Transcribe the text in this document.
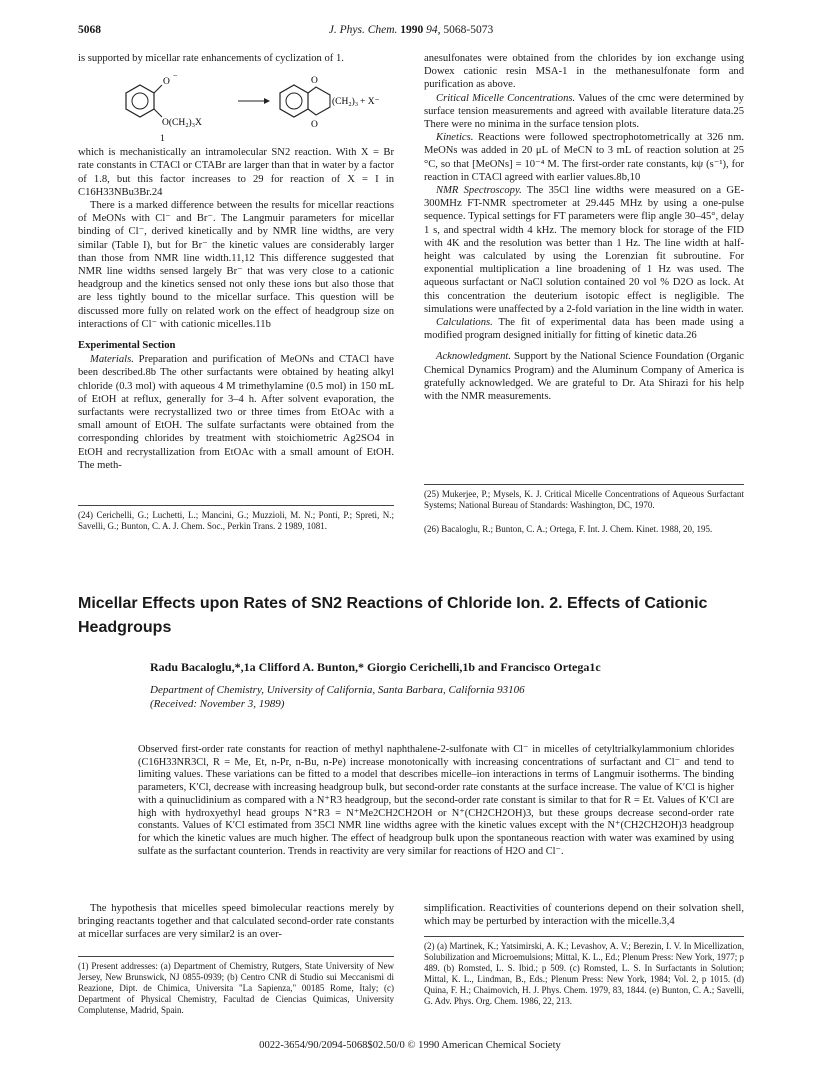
5068	J. Phys. Chem. 1990 94, 5068-5073

is supported by micellar rate enhancements of cyclization of 1.

O
−
O(CH₂)₃X
1
O
(CH₂)₃
O
+ X⁻

which is mechanistically an intramolecular SN2 reaction. With X = Br rate constants in CTACl or CTABr are larger than that in water by a factor of 1.8, but this factor increases to 29 for reaction of X = I in C16H33NBu3Br.24

There is a marked difference between the results for micellar reactions of MeONs with Cl⁻ and Br⁻. The Langmuir parameters for micellar binding of Cl⁻, derived kinetically and by NMR line widths, are very similar (Table I), but for Br⁻ the kinetic values are considerably larger than those from NMR line width.11,12 This difference suggested that NMR line widths sensed largely Br⁻ that was very close to a cationic headgroup and the kinetics sensed not only these ions but also those that are less tightly bound to the micellar surface. This question will be discussed more fully on related work on the effect of headgroup size on interactions of Cl⁻ with cationic micelles.11b

Experimental Section

Materials. Preparation and purification of MeONs and CTACl have been described.8b The other surfactants were obtained by heating alkyl chloride (0.3 mol) with aqueous 4 M trimethylamine (0.5 mol) in 150 mL of EtOH at reflux, generally for 3–4 h. After solvent evaporation, the surfactants were recrystallized two or three times from EtOAc with a small amount of EtOH. The sulfate surfactants were obtained from the corresponding chlorides by treatment with stoichiometric Ag2SO4 in EtOH and recrystallization from EtOAc with a small amount of EtOH. The meth-

anesulfonates were obtained from the chlorides by ion exchange using Dowex cationic resin MSA-1 in the methanesulfonate form and purification as above.

Critical Micelle Concentrations. Values of the cmc were determined by surface tension measurements and agreed with available literature data.25 There were no minima in the surface tension plots.

Kinetics. Reactions were followed spectrophotometrically at 326 nm. MeONs was added in 20 μL of MeCN to 3 mL of reaction solution at 25 °C, so that [MeONs] = 10⁻⁴ M. The first-order rate constants, kψ (s⁻¹), for reaction in CTACl agreed with earlier values.8b,10

NMR Spectroscopy. The 35Cl line widths were measured on a GE-300MHz FT-NMR spectrometer at 29.445 MHz by using a one-pulse sequence. Typical settings for FT parameters were flip angle 30–45°, delay 1 s, and spectral width 4 kHz. The memory block for storage of the FID with 4K and the resolution was better than 1 Hz. The line width at half-height was calculated by using the Lorenzian fit subroutine. For exponential multiplication a line broadening of 1 Hz was used. The aqueous surfactant or NaCl solution contained 20 vol % D2O as lock. At this concentration the deuterium isotopic effect is negligible. The simulations were unaffected by a 2-fold variation in the line width in water.

Calculations. The fit of experimental data has been made using a modified program designed initially for fitting of kinetic data.26

Acknowledgment. Support by the National Science Foundation (Organic Chemical Dynamics Program) and the Aluminum Company of America is gratefully acknowledged. We are grateful to Dr. Ata Shirazi for his help with the NMR measurements.

(24) Cerichelli, G.; Luchetti, L.; Mancini, G.; Muzzioli, M. N.; Ponti, P.; Spreti, N.; Savelli, G.; Bunton, C. A. J. Chem. Soc., Perkin Trans. 2 1989, 1081.
(25) Mukerjee, P.; Mysels, K. J. Critical Micelle Concentrations of Aqueous Surfactant Systems; National Bureau of Standards: Washington, DC, 1970.
(26) Bacaloglu, R.; Bunton, C. A.; Ortega, F. Int. J. Chem. Kinet. 1988, 20, 195.
Micellar Effects upon Rates of SN2 Reactions of Chloride Ion. 2. Effects of Cationic
Headgroups
Radu Bacaloglu,*,1a Clifford A. Bunton,* Giorgio Cerichelli,1b and Francisco Ortega1c
Department of Chemistry, University of California, Santa Barbara, California 93106
(Received: November 3, 1989)
Observed first-order rate constants for reaction of methyl naphthalene-2-sulfonate with Cl⁻ in micelles of cetyltrialkylammonium chlorides (C16H33NR3Cl, R = Me, Et, n-Pr, n-Bu, n-Pe) increase monotonically with increasing concentrations of surfactant and Cl⁻ and tend to limiting values. These variations can be fitted to a model that describes micelle–ion interactions in terms of Langmuir isotherms. The binding parameters, K′Cl, decrease with increasing headgroup bulk, but second-order rate constants at the surface increase. The value of K′Cl is higher with a quinuclidinium as compared with a N⁺R3 headgroup, but the second-order rate constant is similar to that for R = Et. Values of K′Cl are high with hydroxyethyl head groups N⁺R3 = N⁺Me2CH2CH2OH or N⁺(CH2CH2OH)3, but these groups decrease second-order rate constants. Values of K′Cl estimated from 35Cl NMR line widths agree with the kinetic values except with the N⁺(CH2CH2OH)3 headgroup for which the kinetic values are much higher. The effect of headgroup bulk upon the spontaneous reaction with water was examined by using sulfate as the surfactant counterion. Trends in reactivity are very similar for reactions of H2O and Cl⁻.

The hypothesis that micelles speed bimolecular reactions merely by bringing reactants together and that calculated second-order rate constants at micellar surfaces are very similar2 is an over-

simplification. Reactivities of counterions depend on their solvation shell, which may be perturbed by interaction with the micelle.3,4

(1) Present addresses: (a) Department of Chemistry, Rutgers, State University of New Jersey, New Brunswick, NJ 0855-0939; (b) Centro CNR di Studio sui Meccanismi di Reazione, Dipt. de Chimica, Universita "La Sapienza," 00185 Rome, Italy; (c) Department of Physical Chemistry, Facultad de Ciencias Quimicas, University Complutense, Madrid, Spain.
(2) (a) Martinek, K.; Yatsimirski, A. K.; Levashov, A. V.; Berezin, I. V. In Micellization, Solubilization and Microemulsions; Mittal, K. L., Ed.; Plenum Press: New York, 1977; p 489. (b) Romsted, L. S. Ibid.; p 509. (c) Romsted, L. S. In Surfactants in Solution; Mittal, K. L., Lindman, B., Eds.; Plenum Press: New York, 1984; Vol. 2, p 1015. (d) Quina, F. H.; Chaimovich, H. J. Phys. Chem. 1979, 83, 1844. (e) Bunton, C. A.; Savelli, G. Adv. Phys. Org. Chem. 1986, 22, 213.
0022-3654/90/2094-5068$02.50/0 © 1990 American Chemical Society
